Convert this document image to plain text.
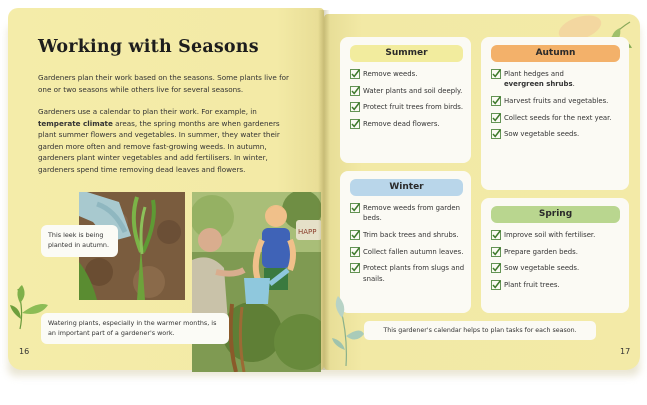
Working with Seasons
Gardeners plan their work based on the seasons. Some plants live for one or two seasons while others live for several seasons.
Gardeners use a calendar to plan their work. For example, in temperate climate areas, the spring months are when gardeners plant summer flowers and vegetables. In summer, they water their garden more often and remove fast-growing weeds. In autumn, gardeners plant winter vegetables and add fertilisers. In winter, gardeners spend time removing dead leaves and flowers.
This leek is being planted in autumn.
HAPP
Watering plants, especially in the warmer months, is an important part of a gardener's work.
16
Summer
Remove weeds.
Water plants and soil deeply.
Protect fruit trees from birds.
Remove dead flowers.
Autumn
Plant hedges and
evergreen shrubs.
Harvest fruits and vegetables.
Collect seeds for the next year.
Sow vegetable seeds.
Winter
Remove weeds from garden beds.
Trim back trees and shrubs.
Collect fallen autumn leaves.
Protect plants from slugs and snails.
Spring
Improve soil with fertiliser.
Prepare garden beds.
Sow vegetable seeds.
Plant fruit trees.
This gardener's calendar helps to plan tasks for each season.
17
